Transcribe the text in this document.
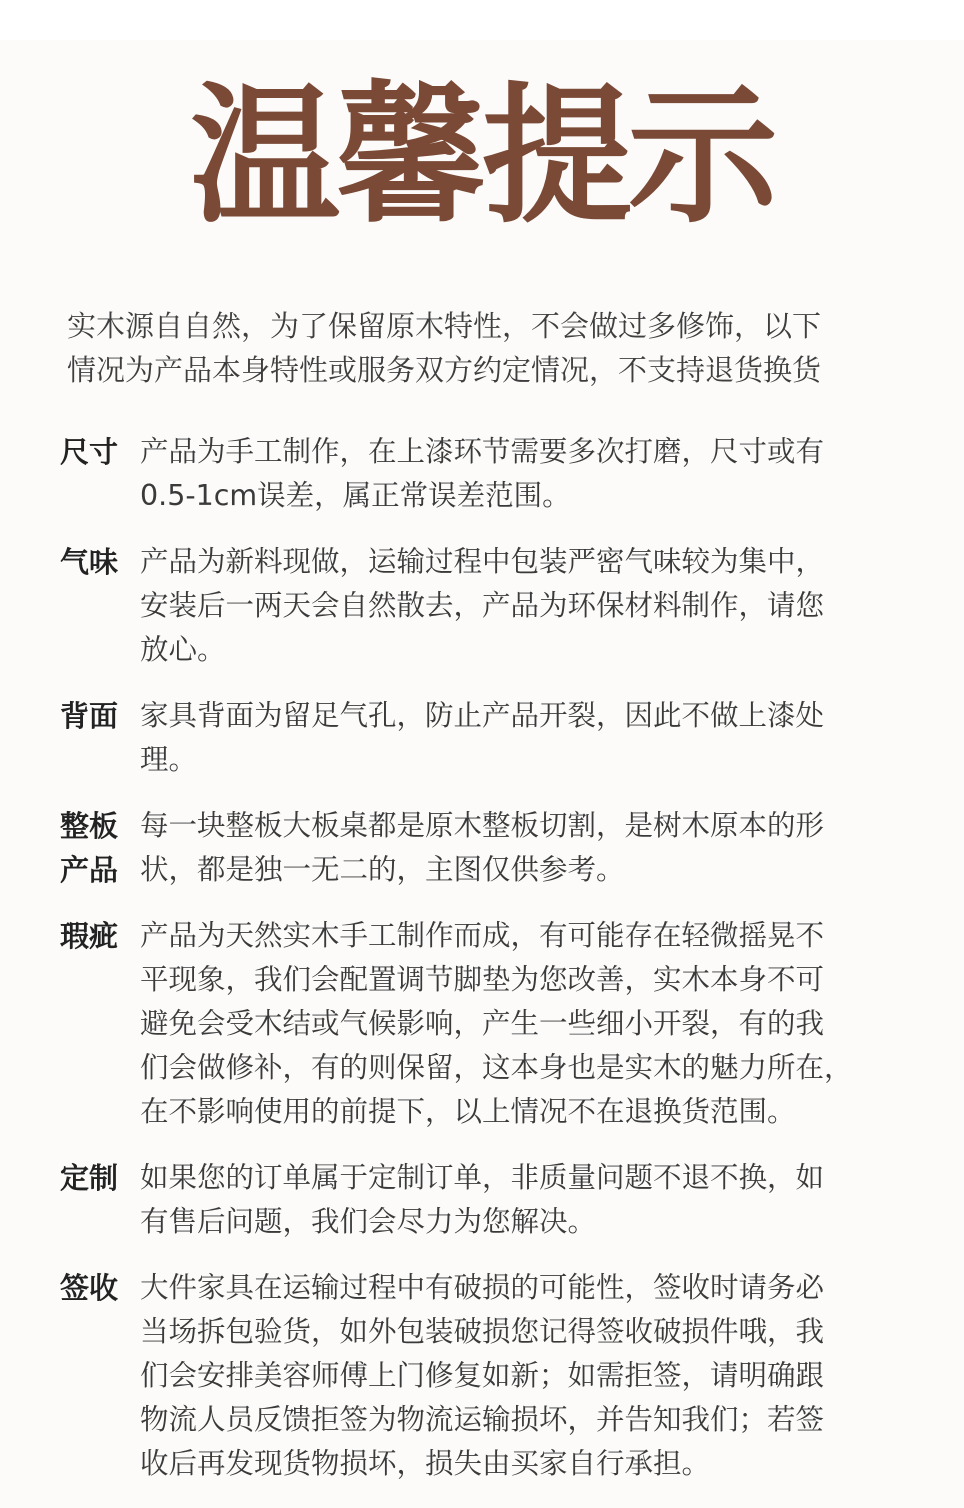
温馨提示
实木源自自然，为了保留原木特性，不会做过多修饰，以下
情况为产品本身特性或服务双方约定情况，不支持退货换货
尺寸 产品为手工制作，在上漆环节需要多次打磨，尺寸或有
0.5-1cm误差，属正常误差范围。
气味 产品为新料现做，运输过程中包装严密气味较为集中，
安装后一两天会自然散去，产品为环保材料制作，请您
放心。
背面 家具背面为留足气孔，防止产品开裂，因此不做上漆处
理。
整板
产品
每一块整板大板桌都是原木整板切割，是树木原本的形
状，都是独一无二的，主图仅供参考。
瑕疵 产品为天然实木手工制作而成，有可能存在轻微摇晃不
平现象，我们会配置调节脚垫为您改善，实木本身不可
避免会受木结或气候影响，产生一些细小开裂，有的我
们会做修补，有的则保留，这本身也是实木的魅力所在，
在不影响使用的前提下，以上情况不在退换货范围。
定制 如果您的订单属于定制订单，非质量问题不退不换，如
有售后问题，我们会尽力为您解决。
签收 大件家具在运输过程中有破损的可能性，签收时请务必
当场拆包验货，如外包装破损您记得签收破损件哦，我
们会安排美容师傅上门修复如新；如需拒签，请明确跟
物流人员反馈拒签为物流运输损坏，并告知我们；若签
收后再发现货物损坏，损失由买家自行承担。
